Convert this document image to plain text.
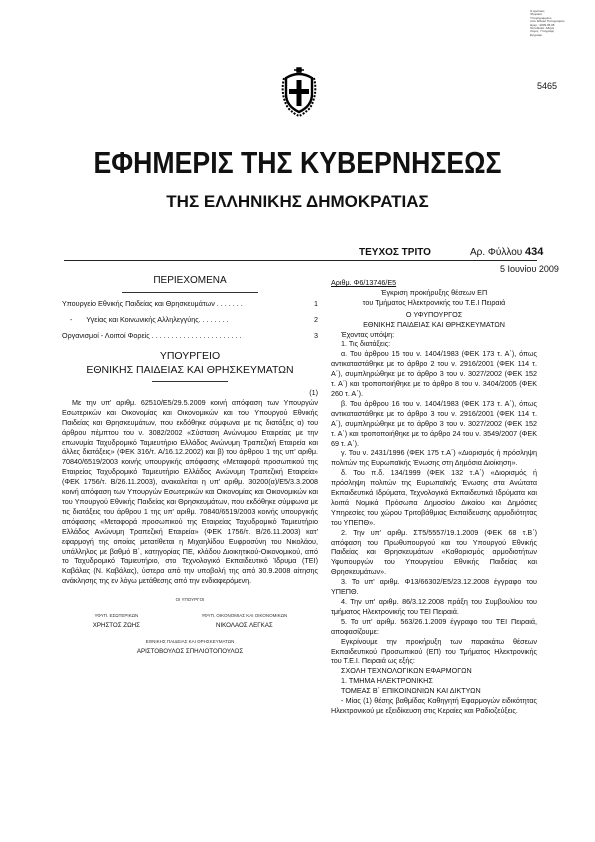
Ο κρατικός
Ψηφιακά
Υπογεγραμμένο
από: Εθνικό Τυπογραφείο
Ημερ.: 2009.06.05
Τοποθεσία: Αθήνα
Λόγος: Υπογραφή
Εγγραφο
5465
ΕΦΗΜΕΡΙΣ ΤΗΣ ΚΥΒΕΡΝΗΣΕΩΣ
ΤΗΣ ΕΛΛΗΝΙΚΗΣ ΔΗΜΟΚΡΑΤΙΑΣ
ΤΕΥΧΟΣ ΤΡΙΤΟ	Αρ. Φύλλου 434
5 Ιουνίου 2009

ΠΕΡΙΕΧΟΜΕΝΑ

Υπουργείο Εθνικής Παιδείας και Θρησκευμάτων . . . . . . .	1
-       Υγείας και Κοινωνικής Αλληλεγγύης. . . . . . . .	2
Οργανισμοί - Λοιποί Φορείς . . . . . . . . . . . . . . . . . . . . . . .	3

ΥΠΟΥΡΓΕΙΟ

ΕΘΝΙΚΗΣ ΠΑΙΔΕΙΑΣ ΚΑΙ ΘΡΗΣΚΕΥΜΑΤΩΝ

(1)

Με την υπ' αριθμ. 62510/Ε5/29.5.2009 κοινή απόφαση των Υπουργών Εσωτερικών και Οικονομίας και Οικονομικών και του Υπουργού Εθνικής Παιδείας και Θρησκευμάτων, που εκδόθηκε σύμφωνα με τις διατάξεις α) του άρθρου πέμπτου του ν. 3082/2002 «Σύσταση Ανώνυμου Εταιρείας με την επωνυμία Ταχυδρομικό Ταμιευτήριο Ελλάδος Ανώνυμη Τραπεζική Εταιρεία και άλλες διατάξεις» (ΦΕΚ 316/τ. Α/16.12.2002) και β) του άρθρου 1 της υπ' αριθμ. 70840/6519/2003 κοινής υπουργικής απόφασης «Μεταφορά προσωπικού της Εταιρείας Ταχυδρομικό Ταμιευτήριο Ελλάδος Ανώνυμη Τραπεζική Εταιρεία» (ΦΕΚ 1756/τ. Β/26.11.2003), ανακαλείται η υπ' αριθμ. 30200(α)/Ε5/3.3.2008 κοινή απόφαση των Υπουργών Εσωτερικών και Οικονομίας και Οικονομικών και του Υπουργού Εθνικής Παιδείας και Θρησκευμάτων, που εκδόθηκε σύμφωνα με τις διατάξεις του άρθρου 1 της υπ' αριθμ. 70840/6519/2003 κοινής υπουργικής απόφασης «Μεταφορά προσωπικού της Εταιρείας Ταχυδρομικό Ταμιευτήριο Ελλάδος Ανώνυμη Τραπεζική Εταιρεία» (ΦΕΚ 1756/τ. Β/26.11.2003) κατ' εφαρμογή της οποίας μετατίθεται η Μιχαηλίδου Ευφροσύνη του Νικολάου, υπάλληλος με βαθμό Β΄, κατηγορίας ΠΕ, κλάδου Διοικητικού-Οικονομικού, από το Ταχυδρομικό Ταμιευτήριο, στο Τεχνολογικό Εκπαιδευτικό Ίδρυμα (ΤΕΙ) Καβάλας (Ν. Καβάλας), ύστερα από την υποβολή της από 30.9.2008 αίτησης ανάκλησης της εν λόγω μετάθεσης από την ενδιαφερόμενη.

ΟΙ ΥΠΟΥΡΓΟΙ

ΥΦΥΠ. ΕΣΩΤΕΡΙΚΩΝ

ΧΡΗΣΤΟΣ ΖΩΗΣ

ΥΦΥΠ. ΟΙΚΟΝΟΜΙΑΣ ΚΑΙ ΟΙΚΟΝΟΜΙΚΩΝ

ΝΙΚΟΛΑΟΣ ΛΕΓΚΑΣ

ΕΘΝΙΚΗΣ ΠΑΙΔΕΙΑΣ ΚΑΙ ΘΡΗΣΚΕΥΜΑΤΩΝ

ΑΡΙΣΤΟΒΟΥΛΟΣ ΣΠΗΛΙΟΤΟΠΟΥΛΟΣ

Αριθμ. Φ6/13746/Ε5

Έγκριση προκήρυξης θέσεων ΕΠ

του Τμήματος Ηλεκτρονικής του Τ.Ε.Ι Πειραιά

Ο ΥΦΥΠΟΥΡΓΟΣ

ΕΘΝΙΚΗΣ ΠΑΙΔΕΙΑΣ ΚΑΙ ΘΡΗΣΚΕΥΜΑΤΩΝ

Έχοντας υπόψη:

1. Τις διατάξεις:

α. Του άρθρου 15 του ν. 1404/1983 (ΦΕΚ 173 τ. Α΄), όπως αντικαταστάθηκε με το άρθρο 2 του ν. 2916/2001 (ΦΕΚ 114 τ. Α΄), συμπληρώθηκε με το άρθρο 3 του ν. 3027/2002 (ΦΕΚ 152 τ. Α΄) και τροποποιήθηκε με το άρθρο 8 του ν. 3404/2005 (ΦΕΚ 260 τ. Α΄).

β. Του άρθρου 16 του ν. 1404/1983 (ΦΕΚ 173 τ. Α΄), όπως αντικαταστάθηκε με το άρθρο 3 του ν. 2916/2001 (ΦΕΚ 114 τ. Α΄), συμπληρώθηκε με το άρθρο 3 του ν. 3027/2002 (ΦΕΚ 152 τ. Α΄) και τροποποιήθηκε με το άρθρο 24 του ν. 3549/2007 (ΦΕΚ 69 τ. Α΄).

γ. Του ν. 2431/1996 (ΦΕΚ 175 τ.Α΄) «Διορισμός ή πρόσληψη πολιτών της Ευρωπαϊκής Ένωσης στη Δημόσια Διοίκηση».

δ. Του π.δ. 134/1999 (ΦΕΚ 132 τ.Α΄) «Διορισμός ή πρόσληψη πολιτών της Ευρωπαϊκής Ένωσης στα Ανώτατα Εκπαιδευτικά Ιδρύματα, Τεχνολογικά Εκπαιδευτικά Ιδρύματα και λοιπά Νομικά Πρόσωπα Δημοσίου Δικαίου και Δημόσιες Υπηρεσίες του χώρου Τριτοβάθμιας Εκπαίδευσης αρμοδιότητας του ΥΠΕΠΘ».

2. Την υπ' αριθμ. ΣΤ5/5557/19.1.2009 (ΦΕΚ 68 τ.Β΄) απόφαση του Πρωθυπουργού και του Υπουργού Εθνικής Παιδείας και Θρησκευμάτων «Καθορισμός αρμοδιοτήτων Υφυπουργών του Υπουργείου Εθνικής Παιδείας και Θρησκευμάτων».

3. Το υπ' αριθμ. Φ13/66302/Ε5/23.12.2008 έγγραφο του ΥΠΕΠΘ.

4. Την υπ' αριθμ. 86/3.12.2008 πράξη του Συμβουλίου του τμήματος Ηλεκτρονικής του ΤΕΙ Πειραιά.

5. Το υπ' αριθμ. 563/26.1.2009 έγγραφο του ΤΕΙ Πειραιά, αποφασίζουμε:

Εγκρίνουμε την προκήρυξη των παρακάτω θέσεων Εκπαιδευτικού Προσωπικού (ΕΠ) του Τμήματος Ηλεκτρονικής του Τ.Ε.Ι. Πειραιά ως εξής:

ΣΧΟΛΗ ΤΕΧΝΟΛΟΓΙΚΩΝ ΕΦΑΡΜΟΓΩΝ

1. ΤΜΗΜΑ ΗΛΕΚΤΡΟΝΙΚΗΣ

ΤΟΜΕΑΣ Β΄ ΕΠΙΚΟΙΝΩΝΙΩΝ ΚΑΙ ΔΙΚΤΥΩΝ

- Μίας (1) θέσης βαθμίδας Καθηγητή Εφαρμογών ειδικότητας Ηλεκτρονικού με εξειδίκευση στις Κεραίες και Ραδιοζεύξεις.
